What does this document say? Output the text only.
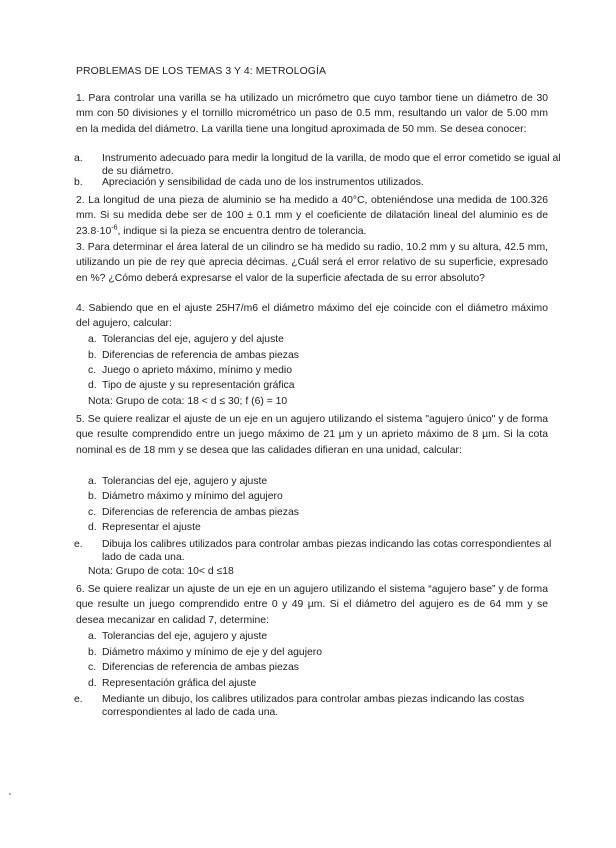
PROBLEMAS DE LOS TEMAS 3 Y 4: METROLOGÍA
1. Para controlar una varilla se ha utilizado un micrómetro que cuyo tambor tiene un diámetro de 30 mm con 50 divisiones y el tornillo micrométrico un paso de 0.5 mm, resultando un valor de 5.00 mm en la medida del diámetro. La varilla tiene una longitud aproximada de 50 mm. Se desea conocer:
a. Instrumento adecuado para medir la longitud de la varilla, de modo que el error cometido se igual al de su diámetro.
b. Apreciación y sensibilidad de cada uno de los instrumentos utilizados.
2. La longitud de una pieza de aluminio se ha medido a 40°C, obteniéndose una medida de 100.326 mm. Si su medida debe ser de 100 ± 0.1 mm y el coeficiente de dilatación lineal del aluminio es de $23.8\cdot 10^{-6}$, indique si la pieza se encuentra dentro de tolerancia.
3. Para determinar el área lateral de un cilindro se ha medido su radio, 10.2 mm y su altura, 42.5 mm, utilizando un pie de rey que aprecia décimas. ¿Cuál será el error relativo de su superficie, expresado en %? ¿Cómo deberá expresarse el valor de la superficie afectada de su error absoluto?
4. Sabiendo que en el ajuste 25H7/m6 el diámetro máximo del eje coincide con el diámetro máximo del agujero, calcular:
a. Tolerancias del eje, agujero y del ajuste
b. Diferencias de referencia de ambas piezas
c. Juego o aprieto máximo, mínimo y medio
d. Tipo de ajuste y su representación gráfica
Nota: Grupo de cota: 18 < d ≤ 30; f (6) = 10
5. Se quiere realizar el ajuste de un eje en un agujero utilizando el sistema "agujero único" y de forma que resulte comprendido entre un juego máximo de 21 µm y un aprieto máximo de 8 µm. Si la cota nominal es de 18 mm y se desea que las calidades difieran en una unidad, calcular:
a. Tolerancias del eje, agujero y ajuste
b. Diámetro máximo y mínimo del agujero
c. Diferencias de referencia de ambas piezas
d. Representar el ajuste
e. Dibuja los calibres utilizados para controlar ambas piezas indicando las cotas correspondientes al lado de cada una.
Nota: Grupo de cota: 10< d ≤18
6. Se quiere realizar un ajuste de un eje en un agujero utilizando el sistema “agujero base” y de forma que resulte un juego comprendido entre 0 y 49 µm. Si el diámetro del agujero es de 64 mm y se desea mecanizar en calidad 7, determine:
a. Tolerancias del eje, agujero y ajuste
b. Diámetro máximo y mínimo de eje y del agujero
c. Diferencias de referencia de ambas piezas
d. Representación gráfica del ajuste
e. Mediante un dibujo, los calibres utilizados para controlar ambas piezas indicando las costas correspondientes al lado de cada una.
